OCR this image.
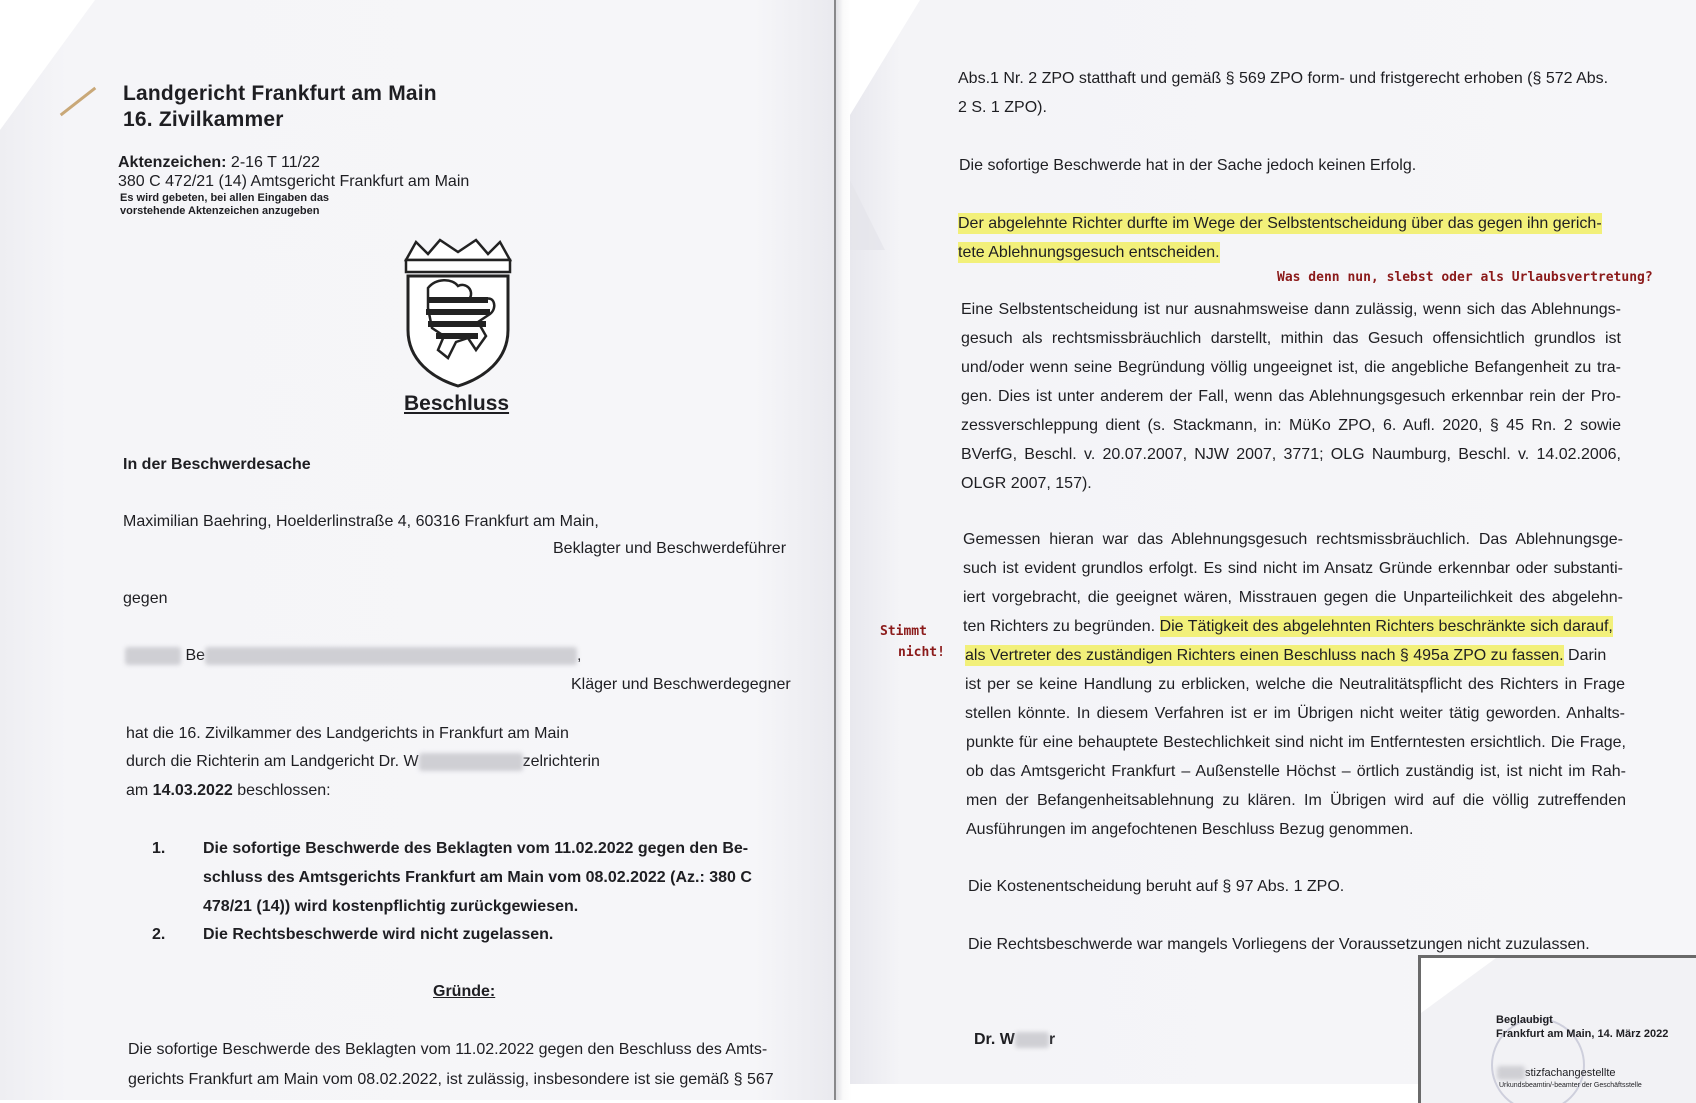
Landgericht Frankfurt am Main
16. Zivilkammer
Aktenzeichen: 2-16 T 11/22
380 C 472/21 (14) Amtsgericht Frankfurt am Main
Es wird gebeten, bei allen Eingaben das
vorstehende Aktenzeichen anzugeben
Beschluss
In der Beschwerdesache
Maximilian Baehring, Hoelderlinstraße 4, 60316 Frankfurt am Main,
Beklagter und Beschwerdeführer
gegen
Be	,
Kläger und Beschwerdegegner
hat die 16. Zivilkammer des Landgerichts in Frankfurt am Main
durch die Richterin am Landgericht Dr. W	zelrichterin
am 14.03.2022 beschlossen:
1. Die sofortige Beschwerde des Beklagten vom 11.02.2022 gegen den Be-
schluss des Amtsgerichts Frankfurt am Main vom 08.02.2022 (Az.: 380 C
478/21 (14)) wird kostenpflichtig zurückgewiesen.
2. Die Rechtsbeschwerde wird nicht zugelassen.
Gründe:
Die sofortige Beschwerde des Beklagten vom 11.02.2022 gegen den Beschluss des Amts-
gerichts Frankfurt am Main vom 08.02.2022, ist zulässig, insbesondere ist sie gemäß § 567
Abs.1 Nr. 2 ZPO statthaft und gemäß § 569 ZPO form- und fristgerecht erhoben (§ 572 Abs.
2 S. 1 ZPO).
Die sofortige Beschwerde hat in der Sache jedoch keinen Erfolg.
Der abgelehnte Richter durfte im Wege der Selbstentscheidung über das gegen ihn gerich-
tete Ablehnungsgesuch entscheiden.
Was denn nun, slebst oder als Urlaubsvertretung?
Eine Selbstentscheidung ist nur ausnahmsweise dann zulässig, wenn sich das Ablehnungs-
gesuch als rechtsmissbräuchlich darstellt, mithin das Gesuch offensichtlich grundlos ist
und/oder wenn seine Begründung völlig ungeeignet ist, die angebliche Befangenheit zu tra-
gen. Dies ist unter anderem der Fall, wenn das Ablehnungsgesuch erkennbar rein der Pro-
zessverschleppung dient (s. Stackmann, in: MüKo ZPO, 6. Aufl. 2020, § 45 Rn. 2 sowie
BVerfG, Beschl. v. 20.07.2007, NJW 2007, 3771; OLG Naumburg, Beschl. v. 14.02.2006,
OLGR 2007, 157).
Gemessen hieran war das Ablehnungsgesuch rechtsmissbräuchlich. Das Ablehnungsge-
such ist evident grundlos erfolgt. Es sind nicht im Ansatz Gründe erkennbar oder substanti-
iert vorgebracht, die geeignet wären, Misstrauen gegen die Unparteilichkeit des abgelehn-
ten Richters zu begründen. Die Tätigkeit des abgelehnten Richters beschränkte sich darauf,
als Vertreter des zuständigen Richters einen Beschluss nach § 495a ZPO zu fassen. Darin
ist per se keine Handlung zu erblicken, welche die Neutralitätspflicht des Richters in Frage
stellen könnte. In diesem Verfahren ist er im Übrigen nicht weiter tätig geworden. Anhalts-
punkte für eine behauptete Bestechlichkeit sind nicht im Entferntesten ersichtlich. Die Frage,
ob das Amtsgericht Frankfurt – Außenstelle Höchst – örtlich zuständig ist, ist nicht im Rah-
men der Befangenheitsablehnung zu klären. Im Übrigen wird auf die völlig zutreffenden
Ausführungen im angefochtenen Beschluss Bezug genommen.
Stimmt
nicht!
Die Kostenentscheidung beruht auf § 97 Abs. 1 ZPO.
Die Rechtsbeschwerde war mangels Vorliegens der Voraussetzungen nicht zuzulassen.
Dr. W r
Beglaubigt
Frankfurt am Main, 14. März 2022
stizfachangestellte
Urkundsbeamtin/-beamter der Geschäftsstelle
